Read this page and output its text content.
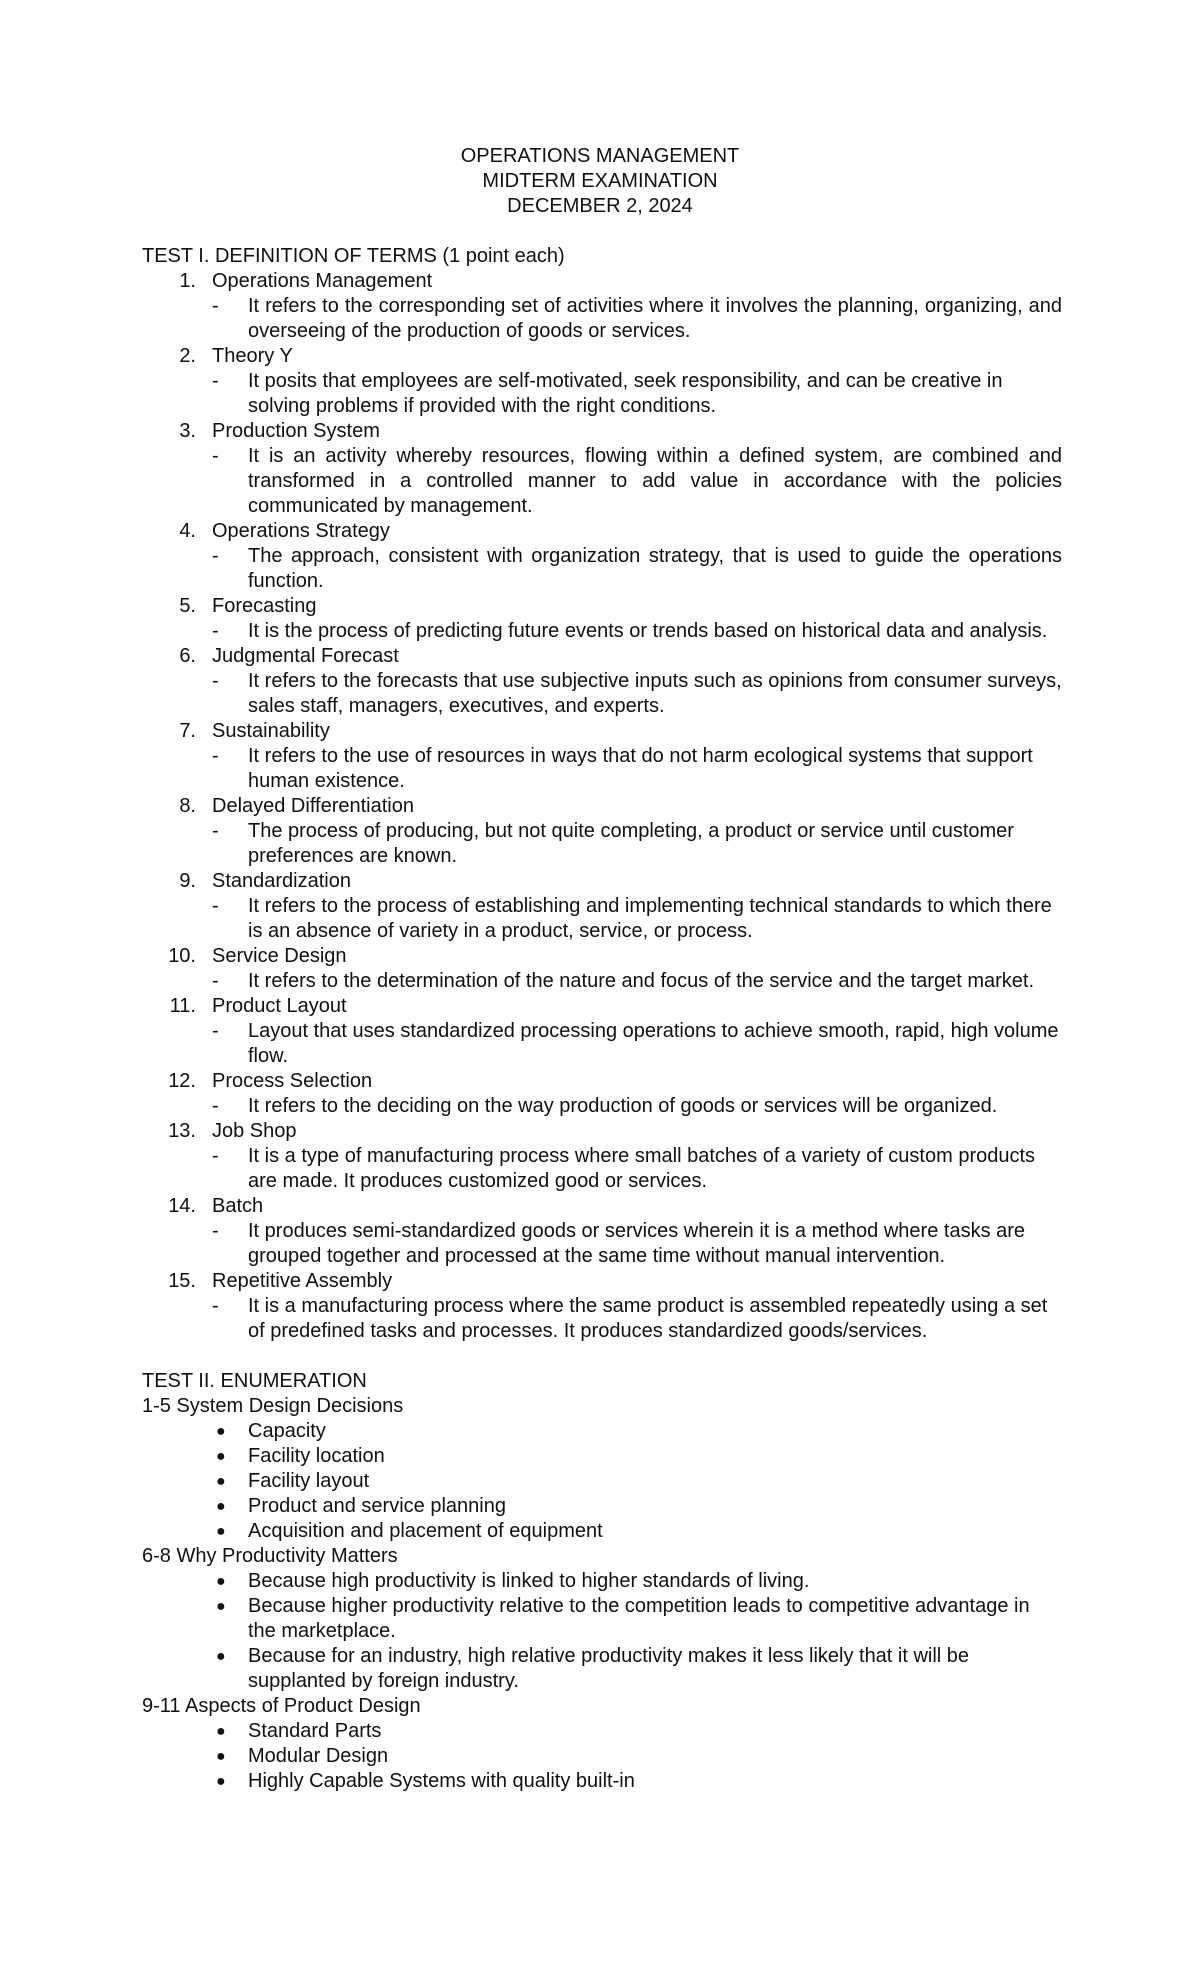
OPERATIONS MANAGEMENT
MIDTERM EXAMINATION
DECEMBER 2, 2024
TEST I. DEFINITION OF TERMS (1 point each)
1. Operations Management
- It refers to the corresponding set of activities where it involves the planning, organizing, and overseeing of the production of goods or services.
2. Theory Y
- It posits that employees are self-motivated, seek responsibility, and can be creative in solving problems if provided with the right conditions.
3. Production System
- It is an activity whereby resources, flowing within a defined system, are combined and transformed in a controlled manner to add value in accordance with the policies communicated by management.
4. Operations Strategy
- The approach, consistent with organization strategy, that is used to guide the operations function.
5. Forecasting
- It is the process of predicting future events or trends based on historical data and analysis.
6. Judgmental Forecast
- It refers to the forecasts that use subjective inputs such as opinions from consumer surveys, sales staff, managers, executives, and experts.
7. Sustainability
- It refers to the use of resources in ways that do not harm ecological systems that support human existence.
8. Delayed Differentiation
- The process of producing, but not quite completing, a product or service until customer preferences are known.
9. Standardization
- It refers to the process of establishing and implementing technical standards to which there is an absence of variety in a product, service, or process.
10. Service Design
- It refers to the determination of the nature and focus of the service and the target market.
11. Product Layout
- Layout that uses standardized processing operations to achieve smooth, rapid, high volume flow.
12. Process Selection
- It refers to the deciding on the way production of goods or services will be organized.
13. Job Shop
- It is a type of manufacturing process where small batches of a variety of custom products are made. It produces customized good or services.
14. Batch
- It produces semi-standardized goods or services wherein it is a method where tasks are grouped together and processed at the same time without manual intervention.
15. Repetitive Assembly
- It is a manufacturing process where the same product is assembled repeatedly using a set of predefined tasks and processes. It produces standardized goods/services.
TEST II. ENUMERATION
1-5 System Design Decisions
● Capacity
● Facility location
● Facility layout
● Product and service planning
● Acquisition and placement of equipment
6-8 Why Productivity Matters
● Because high productivity is linked to higher standards of living.
● Because higher productivity relative to the competition leads to competitive advantage in the marketplace.
● Because for an industry, high relative productivity makes it less likely that it will be supplanted by foreign industry.
9-11 Aspects of Product Design
● Standard Parts
● Modular Design
● Highly Capable Systems with quality built-in
